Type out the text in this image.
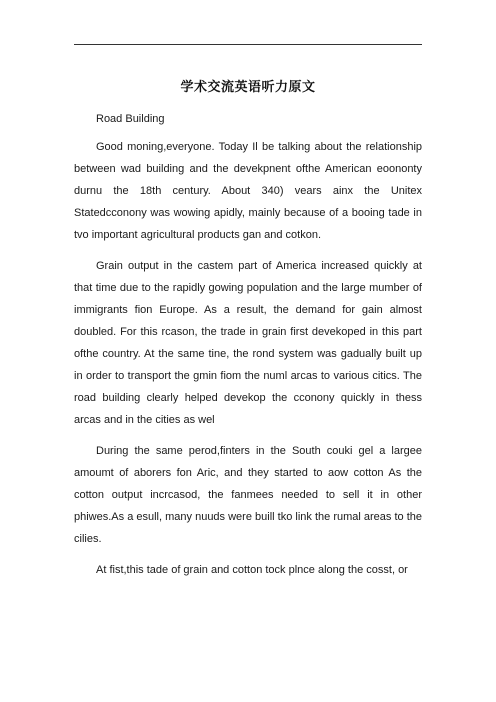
学术交流英语听力原文

Road Building

Good moning,everyone. Today Il be talking about the relationship between wad building and the devekpnent ofthe American eoononty durnu the 18th century. About 340) vears ainx the Unitex Statedcconony was wowing apidly, mainly because of a booing tade in tvo important agricultural products gan and cotkon.

Grain output in the castem part of America increased quickly at that time due to the rapidly gowing population and the large mumber of immigrants fion Europe. As a result, the demand for gain almost doubled. For this rcason, the trade in grain first devekoped in this part ofthe country. At the same tine, the rond system was gadually built up in order to transport the gmin fiom the numl arcas to various citics. The road building clearly helped devekop the cconony quickly in thess arcas and in the cities as wel

During the same perod,finters in the South couki gel a largee amoumt of aborers fon Aric, and they started to aow cotton As the cotton output incrcasod, the fanmees needed to sell it in other phiwes.As a esull, many nuuds were buill tko link the rumal areas to the cilies.

At fist,this tade of grain and cotton tock plnce along the cosst, or
